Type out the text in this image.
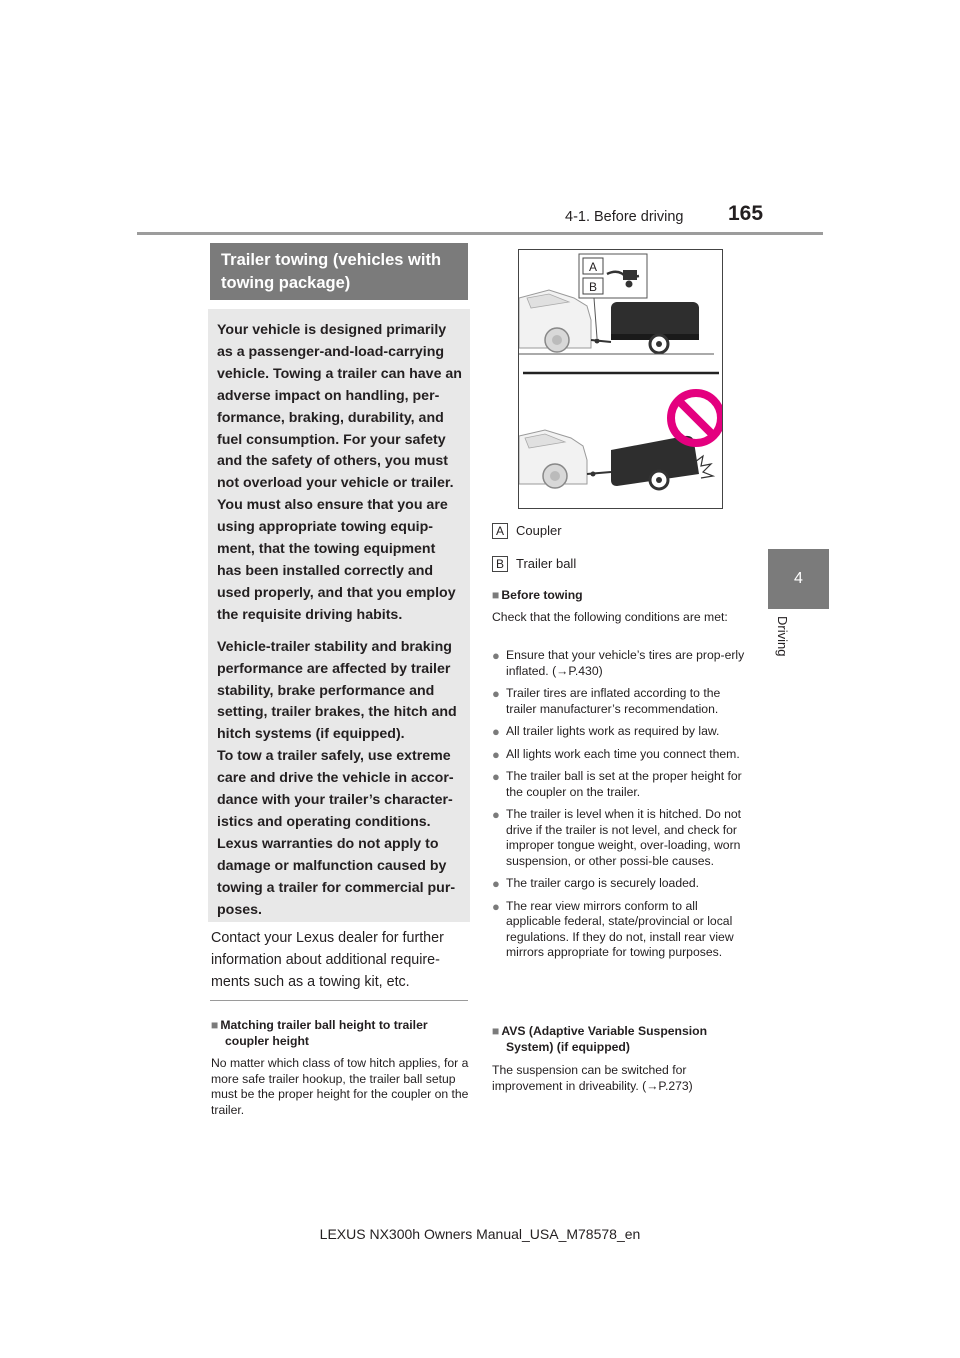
4-1. Before driving 165
4
Driving
Trailer towing (vehicles with towing package)

Your vehicle is designed primarily as a passenger-and-load-carrying vehicle. Towing a trailer can have an adverse impact on handling, per-formance, braking, durability, and fuel consumption. For your safety and the safety of others, you must not overload your vehicle or trailer. You must also ensure that you are using appropriate towing equip-ment, that the towing equipment has been installed correctly and used properly, and that you employ the requisite driving habits.

Vehicle-trailer stability and braking performance are affected by trailer stability, brake performance and setting, trailer brakes, the hitch and hitch systems (if equipped).

To tow a trailer safely, use extreme care and drive the vehicle in accor-dance with your trailer’s character-istics and operating conditions.

Lexus warranties do not apply to damage or malfunction caused by towing a trailer for commercial pur-poses.

Contact your Lexus dealer for further information about additional require-ments such as a towing kit, etc.
■ Matching trailer ball height to trailer
coupler height
No matter which class of tow hitch applies, for a more safe trailer hookup, the trailer ball setup must be the proper height for the coupler on the trailer.
A
B
A Coupler
B Trailer ball
■ Before towing
Check that the following conditions are met:
● Ensure that your vehicle’s tires are prop-erly inflated. (→P.430)
● Trailer tires are inflated according to the trailer manufacturer’s recommendation.
● All trailer lights work as required by law.
● All lights work each time you connect them.
● The trailer ball is set at the proper height for the coupler on the trailer.
● The trailer is level when it is hitched. Do not drive if the trailer is not level, and check for improper tongue weight, over-loading, worn suspension, or other possi-ble causes.
● The trailer cargo is securely loaded.
● The rear view mirrors conform to all applicable federal, state/provincial or local regulations. If they do not, install rear view mirrors appropriate for towing purposes.
■ AVS (Adaptive Variable Suspension
System) (if equipped)
The suspension can be switched for improvement in driveability. (→P.273)
LEXUS NX300h Owners Manual_USA_M78578_en
